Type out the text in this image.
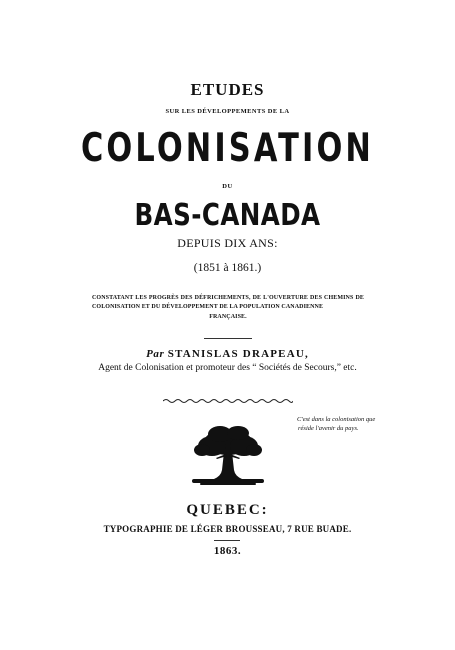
ETUDES
SUR LES DÉVELOPPEMENTS DE LA
COLONISATION
DU
BAS-CANADA
DEPUIS DIX ANS:
(1851 à 1861.)
CONSTATANT LES PROGRÈS DES DÉFRICHEMENTS, DE L'OUVERTURE DES CHEMINS DE COLONISATION ET DU DÉVELOPPEMENT DE LA POPULATION CANADIENNE
FRANÇAISE.
Par STANISLAS DRAPEAU,
Agent de Colonisation et promoteur des “ Sociétés de Secours,” etc.
C'est dans la colonisation que
réside l'avenir du pays.
QUEBEC:
TYPOGRAPHIE DE LÉGER BROUSSEAU, 7 RUE BUADE.
1863.
